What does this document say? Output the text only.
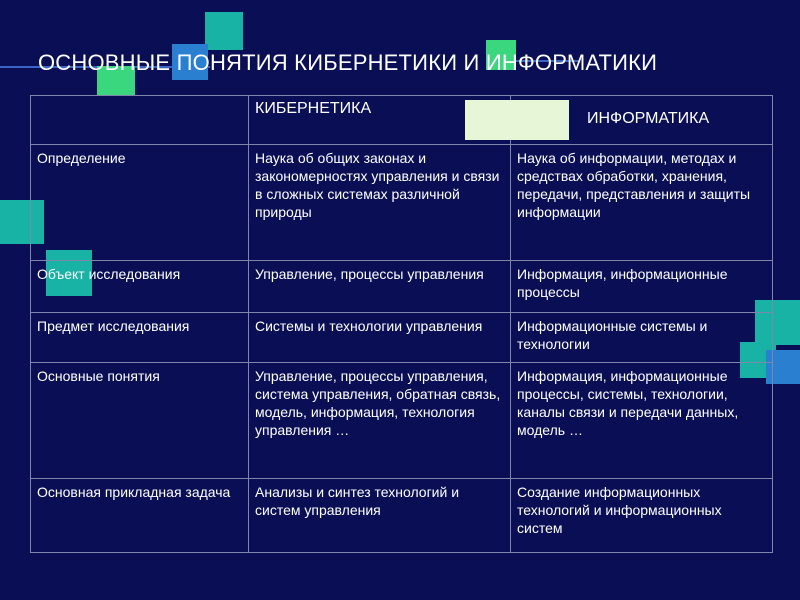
ОСНОВНЫЕ ПОНЯТИЯ КИБЕРНЕТИКИ И ИНФОРМАТИКИ
	КИБЕРНЕТИКА	ИНФОРМАТИКА

Определение	Наука об общих законах и закономерностях управления и связи в сложных системах различной природы	Наука об информации, методах и средствах обработки, хранения, передачи, представления и защиты информации
Объект исследования	Управление, процессы управления	Информация, информационные процессы
Предмет исследования	Системы и технологии управления	Информационные системы и технологии
Основные понятия	Управление, процессы управления, система управления, обратная связь, модель, информация, технология управления …	Информация, информационные процессы, системы, технологии, каналы связи и передачи данных, модель …
Основная прикладная задача	Анализы и синтез технологий и систем управления	Создание информационных технологий и информационных систем
